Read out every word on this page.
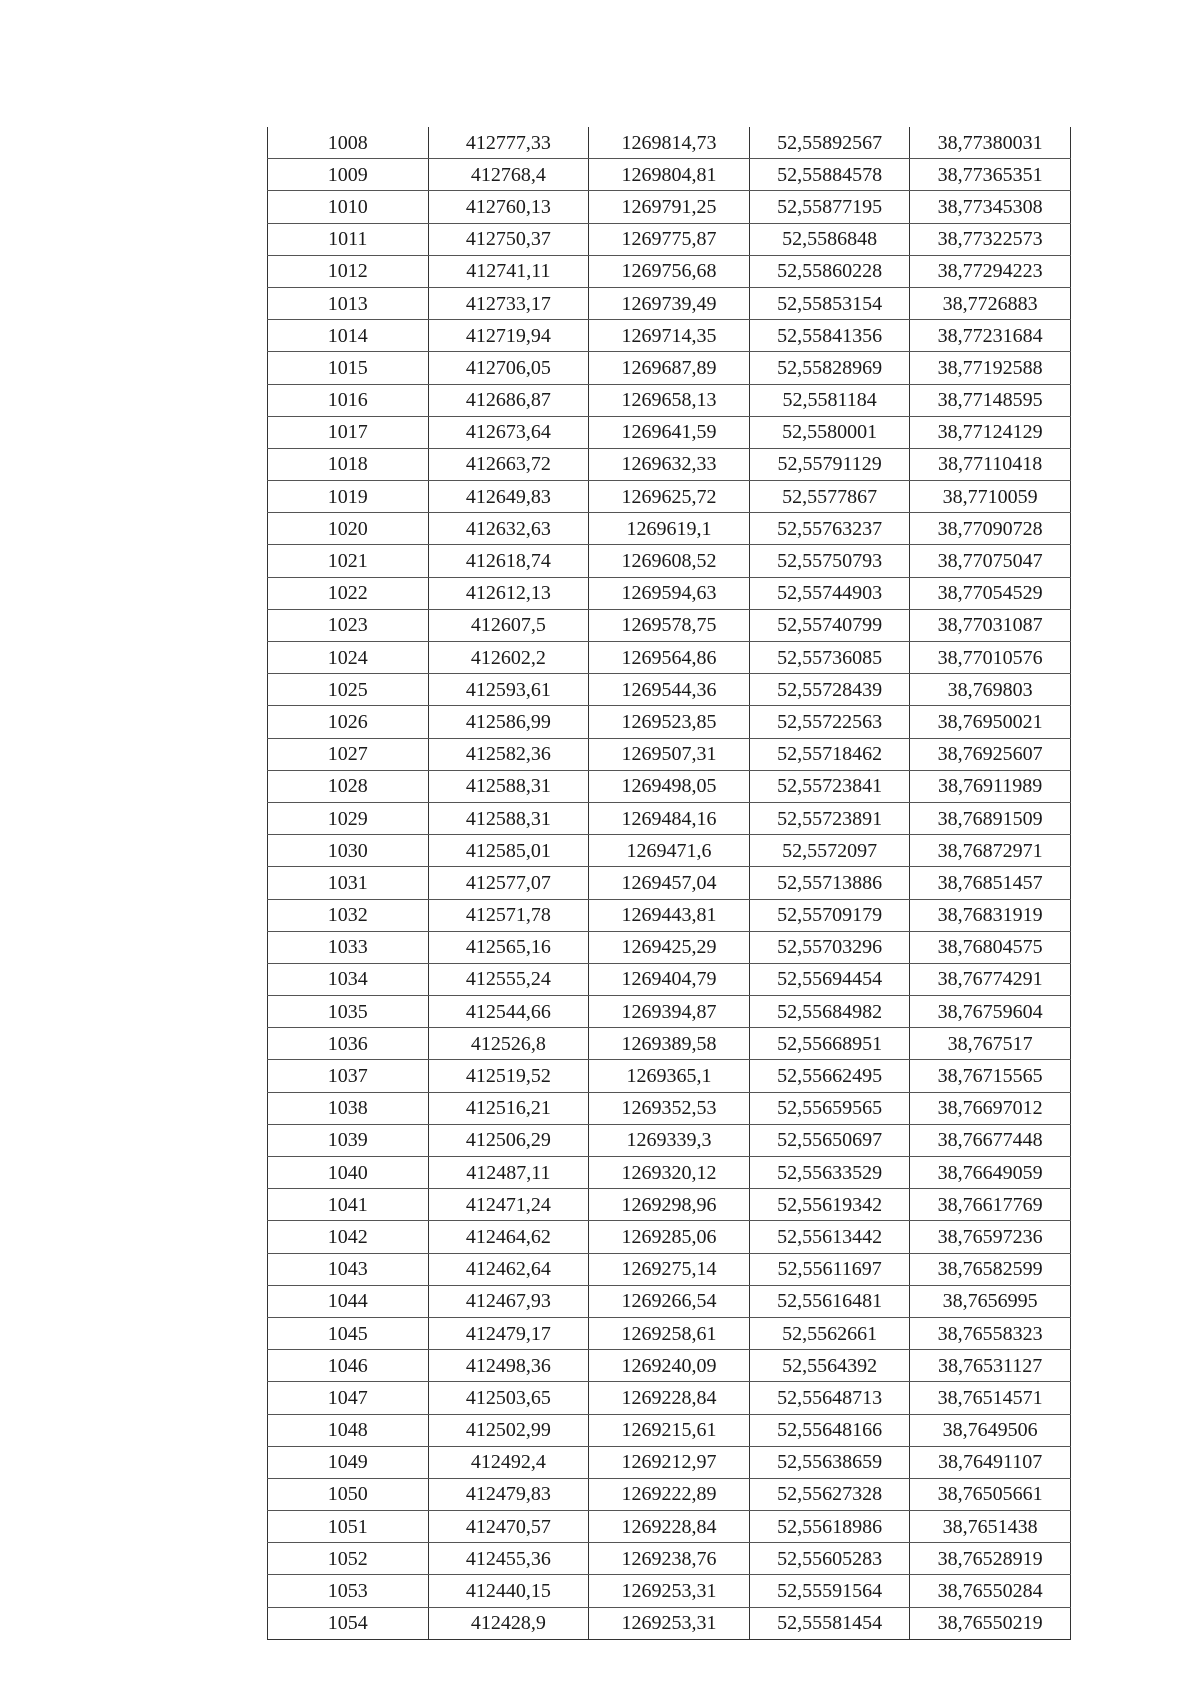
1008	412777,33	1269814,73	52,55892567	38,77380031
1009	412768,4	1269804,81	52,55884578	38,77365351
1010	412760,13	1269791,25	52,55877195	38,77345308
1011	412750,37	1269775,87	52,5586848	38,77322573
1012	412741,11	1269756,68	52,55860228	38,77294223
1013	412733,17	1269739,49	52,55853154	38,7726883
1014	412719,94	1269714,35	52,55841356	38,77231684
1015	412706,05	1269687,89	52,55828969	38,77192588
1016	412686,87	1269658,13	52,5581184	38,77148595
1017	412673,64	1269641,59	52,5580001	38,77124129
1018	412663,72	1269632,33	52,55791129	38,77110418
1019	412649,83	1269625,72	52,5577867	38,7710059
1020	412632,63	1269619,1	52,55763237	38,77090728
1021	412618,74	1269608,52	52,55750793	38,77075047
1022	412612,13	1269594,63	52,55744903	38,77054529
1023	412607,5	1269578,75	52,55740799	38,77031087
1024	412602,2	1269564,86	52,55736085	38,77010576
1025	412593,61	1269544,36	52,55728439	38,769803
1026	412586,99	1269523,85	52,55722563	38,76950021
1027	412582,36	1269507,31	52,55718462	38,76925607
1028	412588,31	1269498,05	52,55723841	38,76911989
1029	412588,31	1269484,16	52,55723891	38,76891509
1030	412585,01	1269471,6	52,5572097	38,76872971
1031	412577,07	1269457,04	52,55713886	38,76851457
1032	412571,78	1269443,81	52,55709179	38,76831919
1033	412565,16	1269425,29	52,55703296	38,76804575
1034	412555,24	1269404,79	52,55694454	38,76774291
1035	412544,66	1269394,87	52,55684982	38,76759604
1036	412526,8	1269389,58	52,55668951	38,767517
1037	412519,52	1269365,1	52,55662495	38,76715565
1038	412516,21	1269352,53	52,55659565	38,76697012
1039	412506,29	1269339,3	52,55650697	38,76677448
1040	412487,11	1269320,12	52,55633529	38,76649059
1041	412471,24	1269298,96	52,55619342	38,76617769
1042	412464,62	1269285,06	52,55613442	38,76597236
1043	412462,64	1269275,14	52,55611697	38,76582599
1044	412467,93	1269266,54	52,55616481	38,7656995
1045	412479,17	1269258,61	52,5562661	38,76558323
1046	412498,36	1269240,09	52,5564392	38,76531127
1047	412503,65	1269228,84	52,55648713	38,76514571
1048	412502,99	1269215,61	52,55648166	38,7649506
1049	412492,4	1269212,97	52,55638659	38,76491107
1050	412479,83	1269222,89	52,55627328	38,76505661
1051	412470,57	1269228,84	52,55618986	38,7651438
1052	412455,36	1269238,76	52,55605283	38,76528919
1053	412440,15	1269253,31	52,55591564	38,76550284
1054	412428,9	1269253,31	52,55581454	38,76550219
